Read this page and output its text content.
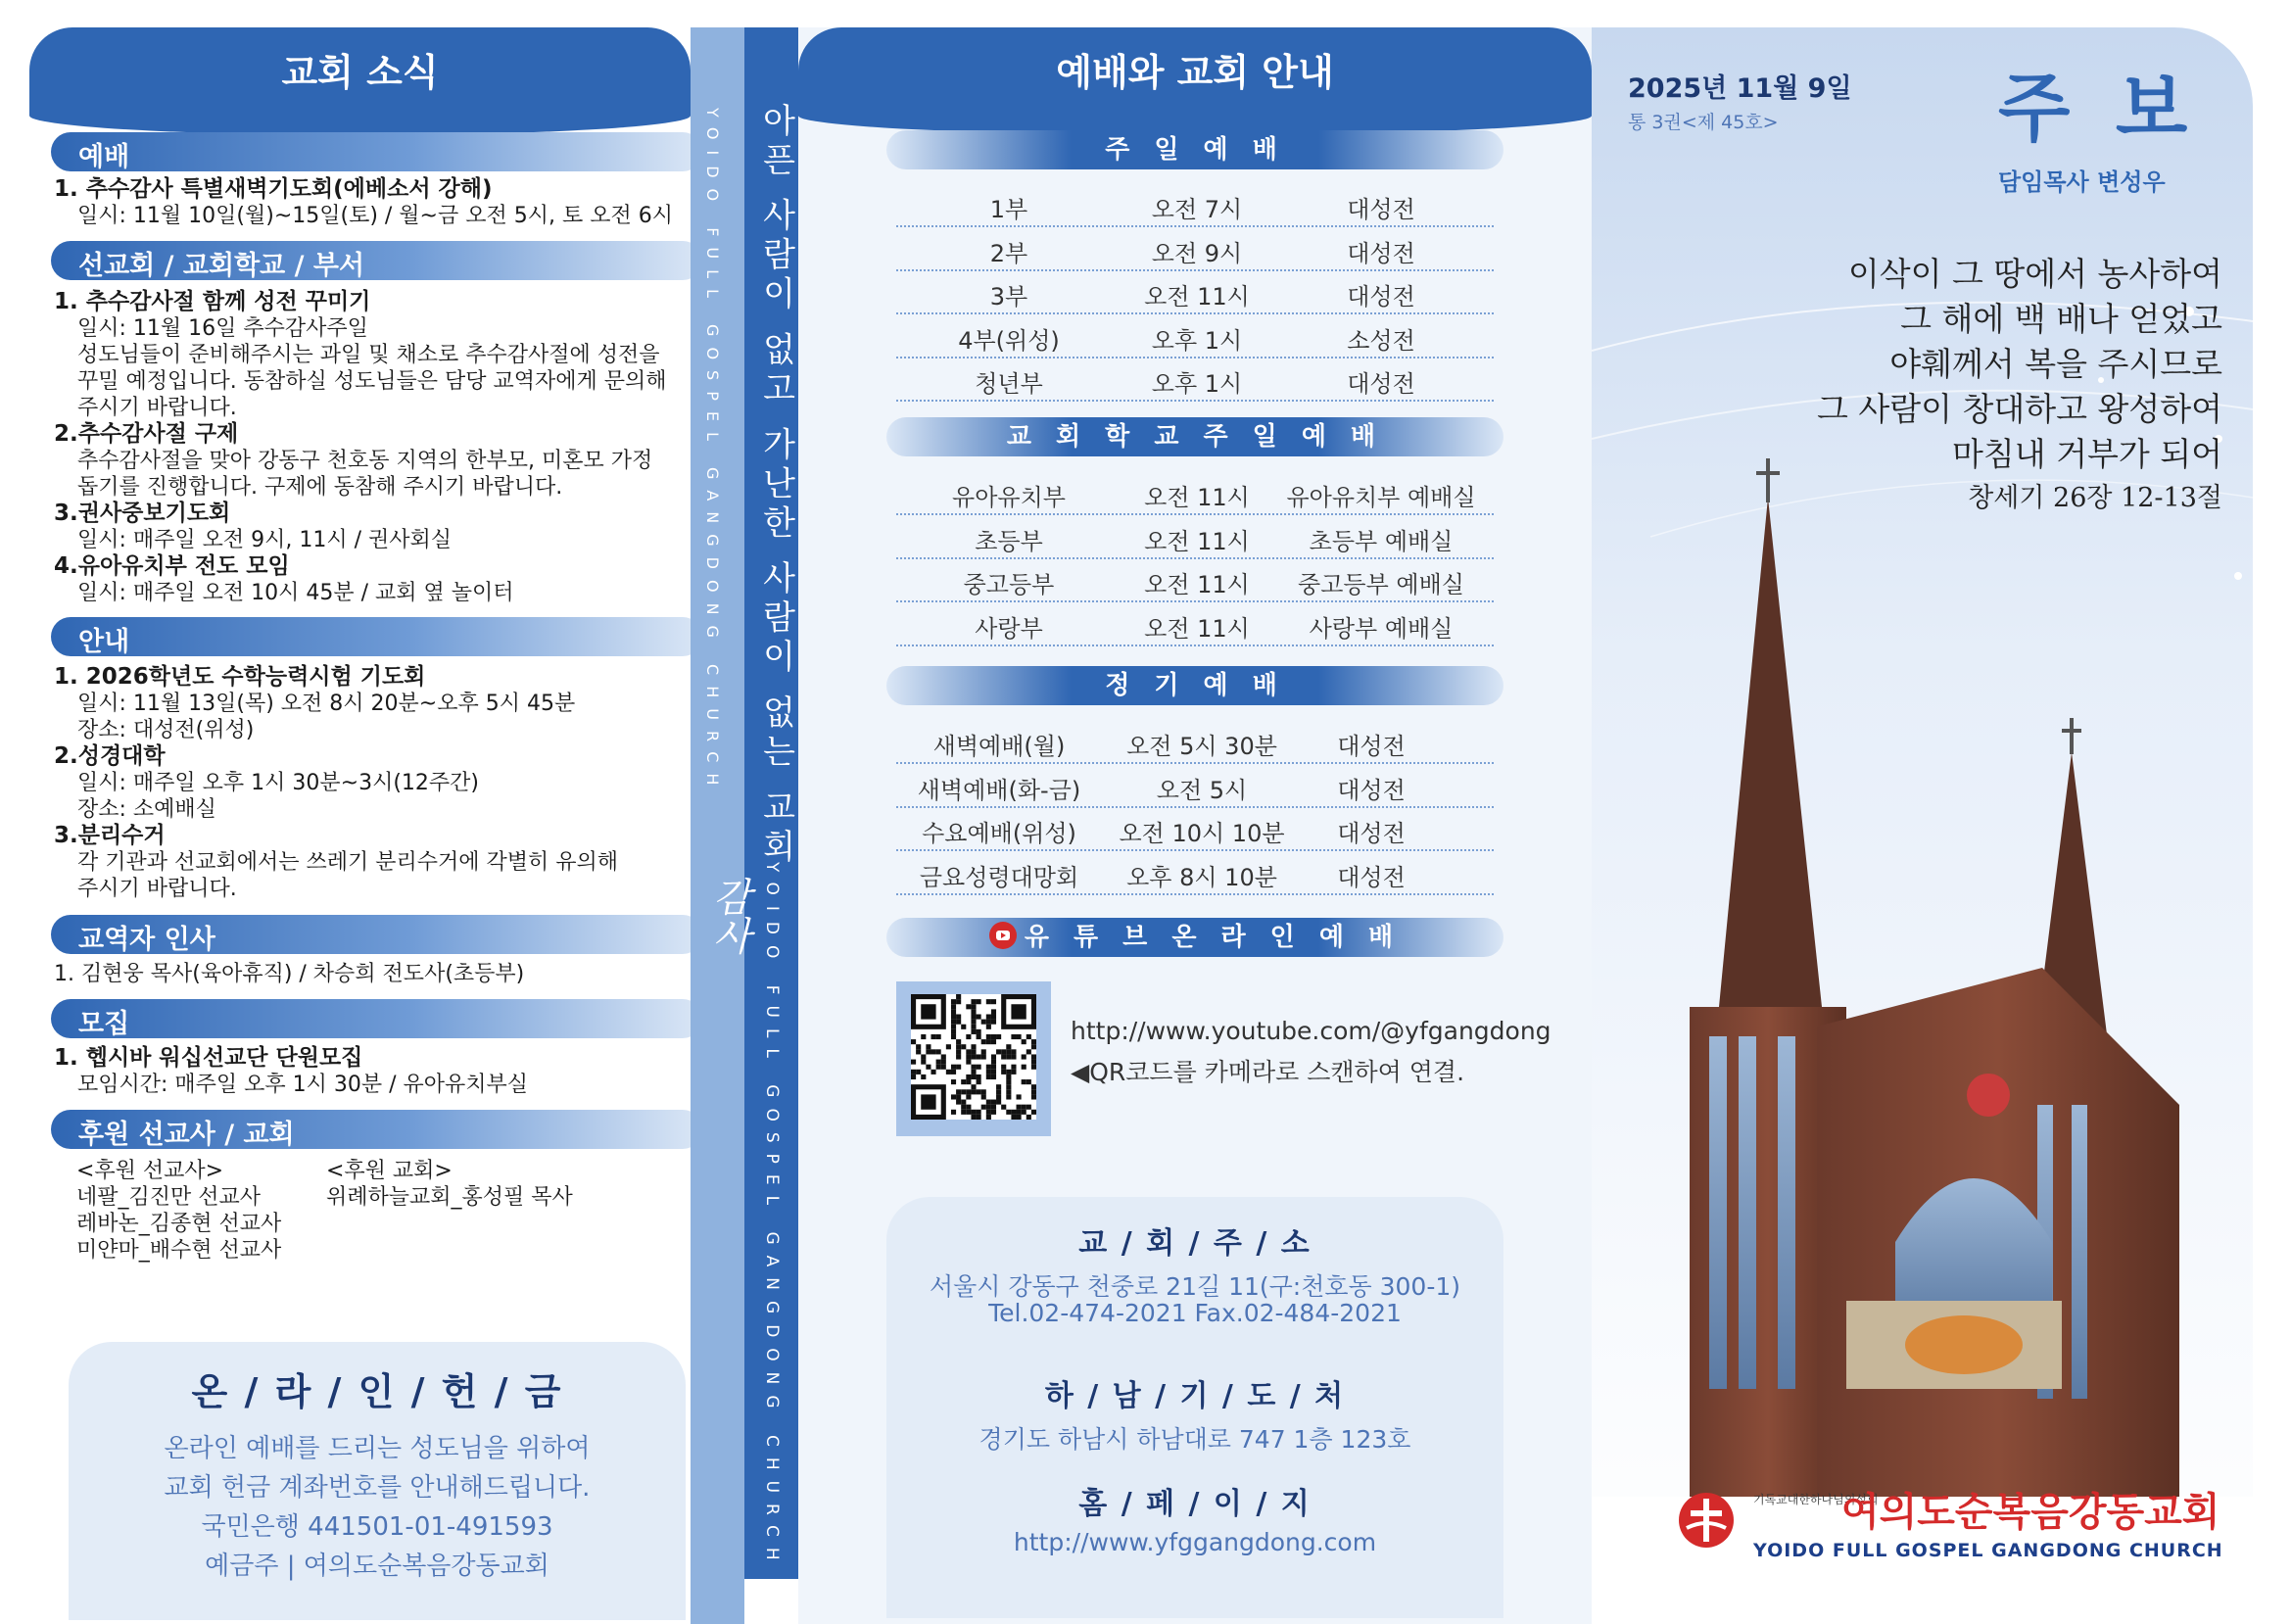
교회 소식
예배
1. 추수감사 특별새벽기도회(에베소서 강해)
일시: 11월 10일(월)~15일(토) / 월~금 오전 5시, 토 오전 6시
선교회 / 교회학교 / 부서
1. 추수감사절 함께 성전 꾸미기
일시: 11월 16일 추수감사주일
성도님들이 준비해주시는 과일 및 채소로 추수감사절에 성전을
꾸밀 예정입니다. 동참하실 성도님들은 담당 교역자에게 문의해
주시기 바랍니다.
2.추수감사절 구제
추수감사절을 맞아 강동구 천호동 지역의 한부모, 미혼모 가정
돕기를 진행합니다. 구제에 동참해 주시기 바랍니다.
3.권사중보기도회
일시: 매주일 오전 9시, 11시 / 권사회실
4.유아유치부 전도 모임
일시: 매주일 오전 10시 45분 / 교회 옆 놀이터
안내
1. 2026학년도 수학능력시험 기도회
일시: 11월 13일(목) 오전 8시 20분~오후 5시 45분
장소: 대성전(위성)
2.성경대학
일시: 매주일 오후 1시 30분~3시(12주간)
장소: 소예배실
3.분리수거
각 기관과 선교회에서는 쓰레기 분리수거에 각별히 유의해
주시기 바랍니다.
교역자 인사
1. 김현웅 목사(육아휴직) / 차승희 전도사(초등부)
모집
1. 헵시바 워십선교단 단원모집
모임시간: 매주일 오후 1시 30분 / 유아유치부실
후원 선교사 / 교회
<후원 선교사>
네팔_김진만 선교사
레바논_김종현 선교사
미얀마_배수현 선교사
<후원 교회>
위례하늘교회_홍성필 목사
온 / 라 / 인 / 헌 / 금
온라인 예배를 드리는 성도님을 위하여
교회 헌금 계좌번호를 안내해드립니다.
국민은행 441501-01-491593
예금주 | 여의도순복음강동교회
YOIDO FULL GOSPEL GANGDONG CHURCH
감사
아픈 사람이 없고 가난한 사람이 없는 교회
YOIDO FULL GOSPEL GANGDONG CHURCH
예배와 교회 안내
주 일 예 배
1부	오전 7시	대성전
2부	오전 9시	대성전
3부	오전 11시	대성전
4부(위성)	오후 1시	소성전
청년부	오후 1시	대성전
교 회 학 교 주 일 예 배
유아유치부	오전 11시 유아유치부 예배실
초등부	오전 11시	초등부 예배실
중고등부	오전 11시 중고등부 예배실
사랑부	오전 11시	사랑부 예배실
정 기 예 배
새벽예배(월)	오전 5시 30분	대성전
새벽예배(화-금)	오전 5시	대성전
수요예배(위성) 오전 10시 10분 대성전
금요성령대망회 오후 8시 10분	대성전
유 튜 브 온 라 인 예 배
http://www.youtube.com/@yfgangdong
◀QR코드를 카메라로 스캔하여 연결.
교 / 회 / 주 / 소
서울시 강동구 천중로 21길 11(구:천호동 300-1)
Tel.02-474-2021 Fax.02-484-2021
하 / 남 / 기 / 도 / 처
경기도 하남시 하남대로 747 1층 123호
홈 / 페 / 이 / 지
http://www.yfggangdong.com
2025년 11월 9일
통 3권<제 45호>	주 보
담임목사 변성우
이삭이 그 땅에서 농사하여
그 해에 백 배나 얻었고
야훼께서 복을 주시므로
그 사람이 창대하고 왕성하여
마침내 거부가 되어
창세기 26장 12-13절
기독교대한하나님의성회
여의도순복음강동교회
YOIDO FULL GOSPEL GANGDONG CHURCH
